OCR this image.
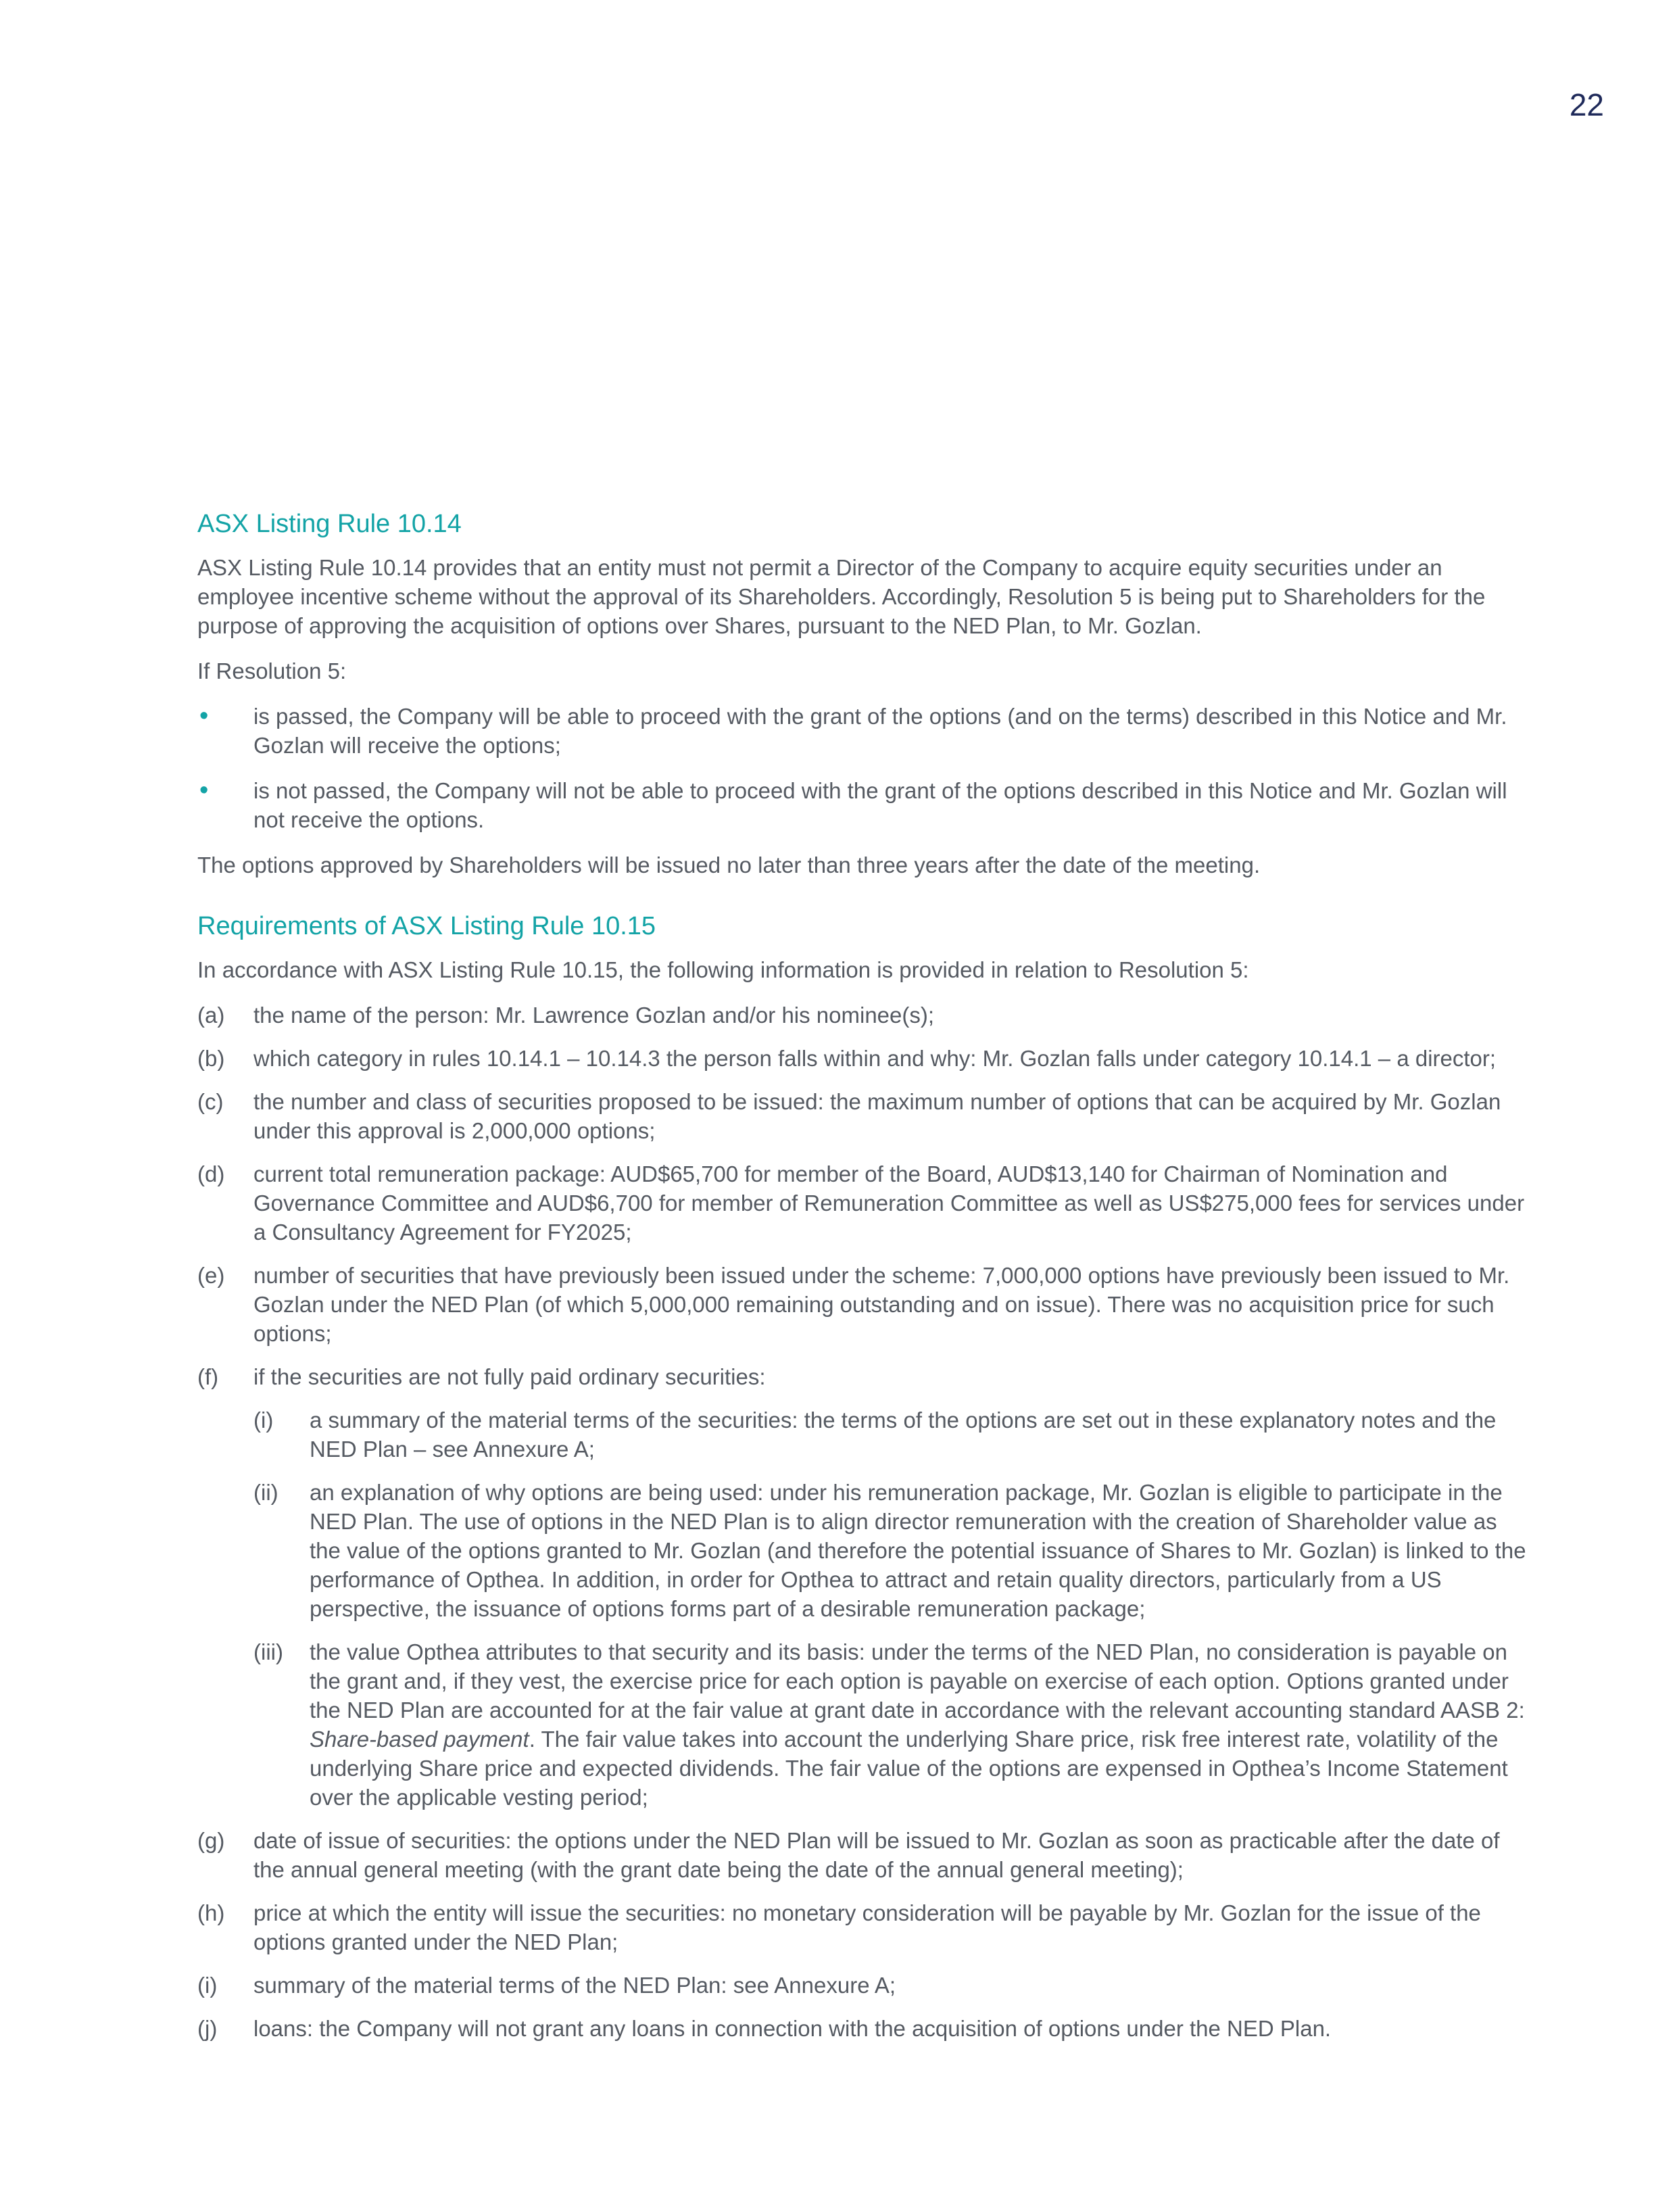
22
ASX Listing Rule 10.14

ASX Listing Rule 10.14 provides that an entity must not permit a Director of the Company to acquire equity securities under an employee incentive scheme without the approval of its Shareholders. Accordingly, Resolution 5 is being put to Shareholders for the purpose of approving the acquisition of options over Shares, pursuant to the NED Plan, to Mr. Gozlan.

If Resolution 5:

• is passed, the Company will be able to proceed with the grant of the options (and on the terms) described in this Notice and Mr. Gozlan will receive the options;
• is not passed, the Company will not be able to proceed with the grant of the options described in this Notice and Mr. Gozlan will not receive the options.

The options approved by Shareholders will be issued no later than three years after the date of the meeting.

Requirements of ASX Listing Rule 10.15

In accordance with ASX Listing Rule 10.15, the following information is provided in relation to Resolution 5:

(a) the name of the person: Mr. Lawrence Gozlan and/or his nominee(s);
(b) which category in rules 10.14.1 – 10.14.3 the person falls within and why: Mr. Gozlan falls under category 10.14.1 – a director;
(c) the number and class of securities proposed to be issued: the maximum number of options that can be acquired by Mr. Gozlan under this approval is 2,000,000 options;
(d) current total remuneration package: AUD$65,700 for member of the Board, AUD$13,140 for Chairman of Nomination and Governance Committee and AUD$6,700 for member of Remuneration Committee as well as US$275,000 fees for services under a Consultancy Agreement for FY2025;
(e) number of securities that have previously been issued under the scheme: 7,000,000 options have previously been issued to Mr. Gozlan under the NED Plan (of which 5,000,000 remaining outstanding and on issue). There was no acquisition price for such options;
(f) if the securities are not fully paid ordinary securities:
(i) a summary of the material terms of the securities: the terms of the options are set out in these explanatory notes and the NED Plan – see Annexure A;
(ii) an explanation of why options are being used: under his remuneration package, Mr. Gozlan is eligible to participate in the NED Plan. The use of options in the NED Plan is to align director remuneration with the creation of Shareholder value as the value of the options granted to Mr. Gozlan (and therefore the potential issuance of Shares to Mr. Gozlan) is linked to the performance of Opthea. In addition, in order for Opthea to attract and retain quality directors, particularly from a US perspective, the issuance of options forms part of a desirable remuneration package;
(iii) the value Opthea attributes to that security and its basis: under the terms of the NED Plan, no consideration is payable on the grant and, if they vest, the exercise price for each option is payable on exercise of each option. Options granted under the NED Plan are accounted for at the fair value at grant date in accordance with the relevant accounting standard AASB 2: Share-based payment. The fair value takes into account the underlying Share price, risk free interest rate, volatility of the underlying Share price and expected dividends. The fair value of the options are expensed in Opthea’s Income Statement over the applicable vesting period;
(g) date of issue of securities: the options under the NED Plan will be issued to Mr. Gozlan as soon as practicable after the date of the annual general meeting (with the grant date being the date of the annual general meeting);
(h) price at which the entity will issue the securities: no monetary consideration will be payable by Mr. Gozlan for the issue of the options granted under the NED Plan;
(i) summary of the material terms of the NED Plan: see Annexure A;
(j) loans: the Company will not grant any loans in connection with the acquisition of options under the NED Plan.
